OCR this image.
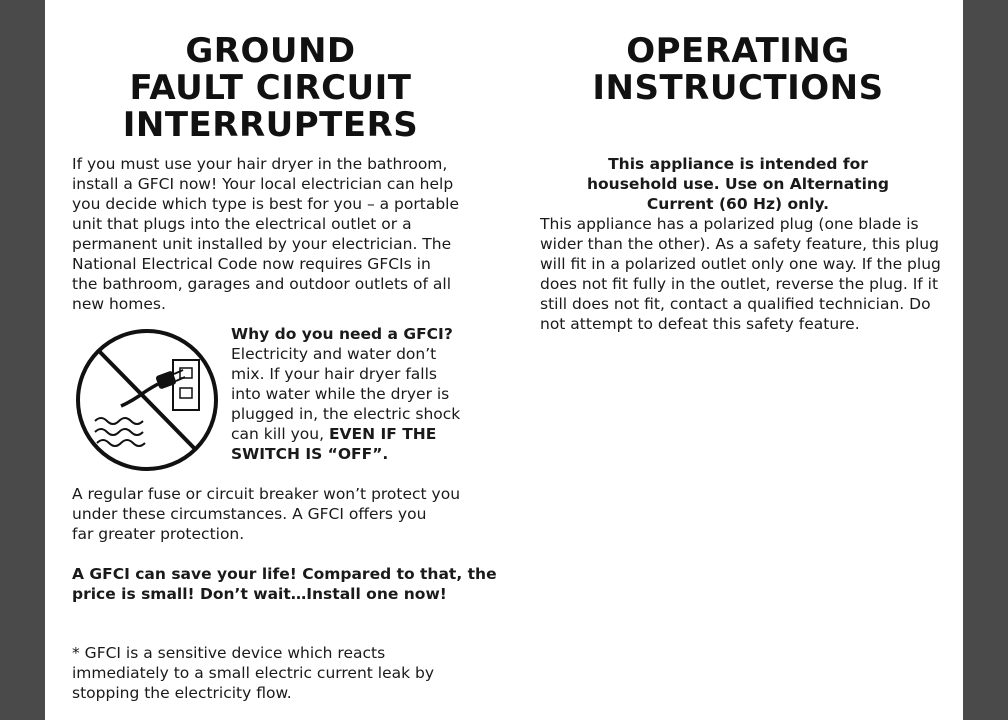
GROUND
FAULT CIRCUIT
INTERRUPTERS

If you must use your hair dryer in the bathroom,
install a GFCI now! Your local electrician can help
you decide which type is best for you – a portable
unit that plugs into the electrical outlet or a
permanent unit installed by your electrician. The
National Electrical Code now requires GFCIs in
the bathroom, garages and outdoor outlets of all
new homes.

Why do you need a GFCI?
Electricity and water don’t
mix. If your hair dryer falls
into water while the dryer is
plugged in, the electric shock
can kill you, EVEN IF THE
SWITCH IS “OFF”.

A regular fuse or circuit breaker won’t protect you
under these circumstances. A GFCI offers you
far greater protection.

A GFCI can save your life! Compared to that, the
price is small! Don’t wait…Install one now!

* GFCI is a sensitive device which reacts
immediately to a small electric current leak by
stopping the electricity flow.

OPERATING
INSTRUCTIONS

This appliance is intended for
household use. Use on Alternating
Current (60 Hz) only.

This appliance has a polarized plug (one blade is
wider than the other). As a safety feature, this plug
will fit in a polarized outlet only one way. If the plug
does not fit fully in the outlet, reverse the plug. If it
still does not fit, contact a qualified technician. Do
not attempt to defeat this safety feature.
